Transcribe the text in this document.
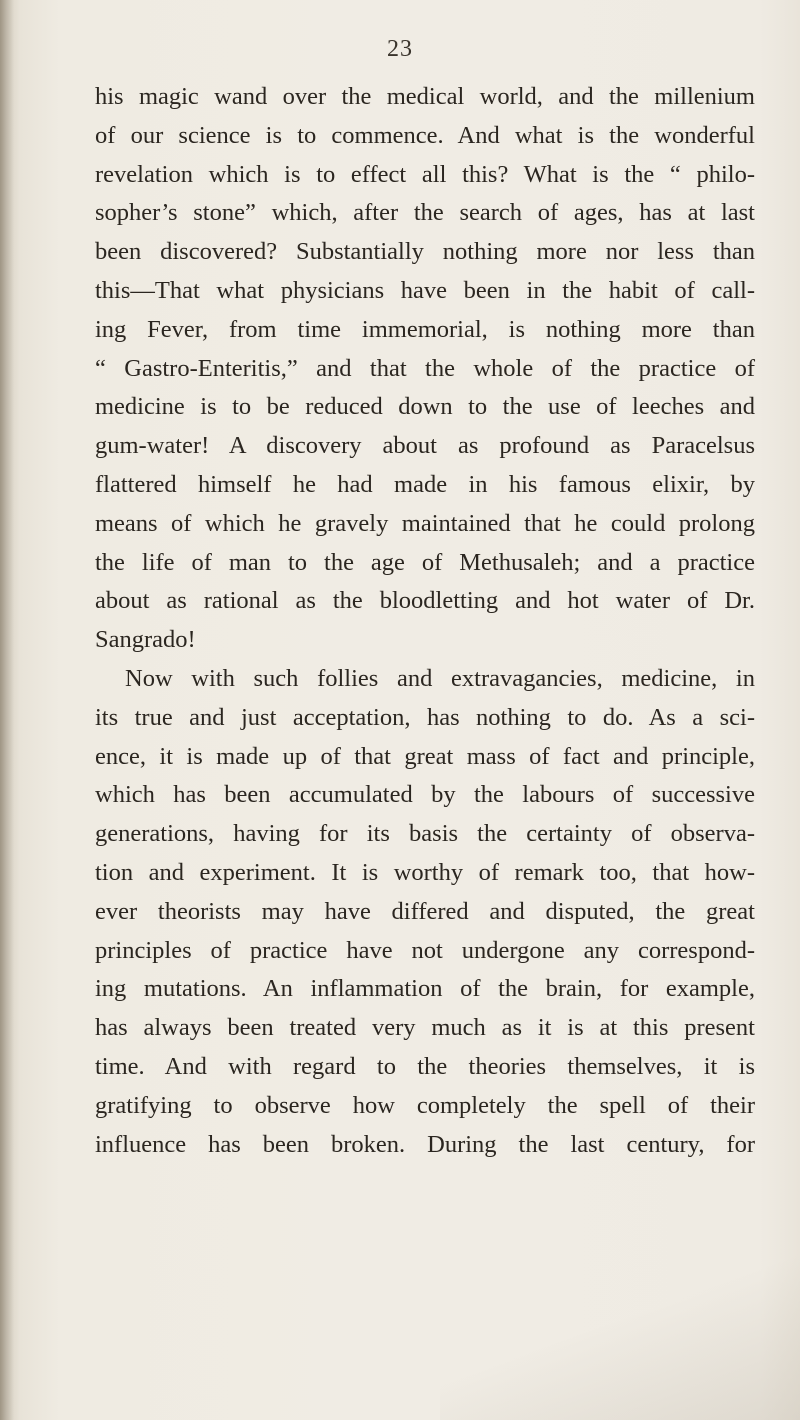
23
his magic wand over the medical world, and the millenium
of our science is to commence. And what is the wonderful
revelation which is to effect all this? What is the “ philo-
sopher’s stone” which, after the search of ages, has at last
been discovered? Substantially nothing more nor less than
this—That what physicians have been in the habit of call-
ing Fever, from time immemorial, is nothing more than
“ Gastro-Enteritis,” and that the whole of the practice of
medicine is to be reduced down to the use of leeches and
gum-water! A discovery about as profound as Paracelsus
flattered himself he had made in his famous elixir, by
means of which he gravely maintained that he could prolong
the life of man to the age of Methusaleh; and a practice
about as rational as the bloodletting and hot water of Dr.
Sangrado!
Now with such follies and extravagancies, medicine, in
its true and just acceptation, has nothing to do. As a sci-
ence, it is made up of that great mass of fact and principle,
which has been accumulated by the labours of successive
generations, having for its basis the certainty of observa-
tion and experiment. It is worthy of remark too, that how-
ever theorists may have differed and disputed, the great
principles of practice have not undergone any correspond-
ing mutations. An inflammation of the brain, for example,
has always been treated very much as it is at this present
time. And with regard to the theories themselves, it is
gratifying to observe how completely the spell of their
influence has been broken. During the last century, for
